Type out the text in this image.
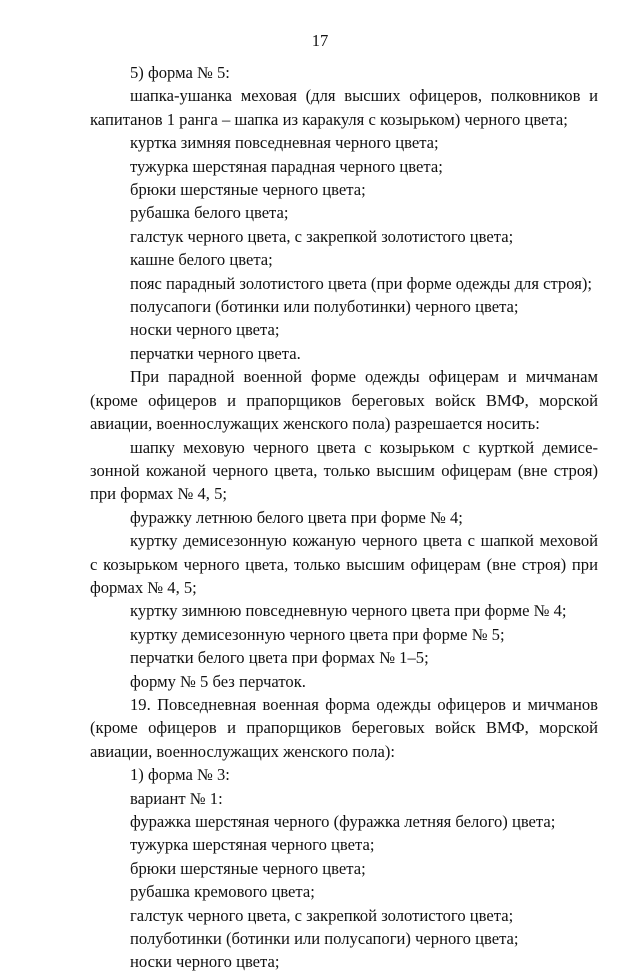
17

5) форма № 5:

шапка-ушанка меховая (для высших офицеров, полковников и

капитанов 1 ранга – шапка из каракуля с козырьком) черного цвета;

куртка зимняя повседневная черного цвета;

тужурка шерстяная парадная черного цвета;

брюки шерстяные черного цвета;

рубашка белого цвета;

галстук черного цвета, с закрепкой золотистого цвета;

кашне белого цвета;

пояс парадный золотистого цвета (при форме одежды для строя);

полусапоги (ботинки или полуботинки) черного цвета;

носки черного цвета;

перчатки черного цвета.

При парадной военной форме одежды офицерам и мичманам

(кроме офицеров и прапорщиков береговых войск ВМФ, морской

авиации, военнослужащих женского пола) разрешается носить:

шапку меховую черного цвета с козырьком с курткой демисе-

зонной кожаной черного цвета, только высшим офицерам (вне строя)

при формах № 4, 5;

фуражку летнюю белого цвета при форме № 4;

куртку демисезонную кожаную черного цвета с шапкой меховой

с козырьком черного цвета, только высшим офицерам (вне строя) при

формах № 4, 5;

куртку зимнюю повседневную черного цвета при форме № 4;

куртку демисезонную черного цвета при форме № 5;

перчатки белого цвета при формах № 1–5;

форму № 5 без перчаток.

19. Повседневная военная форма одежды офицеров и мичманов

(кроме офицеров и прапорщиков береговых войск ВМФ, морской

авиации, военнослужащих женского пола):

1) форма № 3:

вариант № 1:

фуражка шерстяная черного (фуражка летняя белого) цвета;

тужурка шерстяная черного цвета;

брюки шерстяные черного цвета;

рубашка кремового цвета;

галстук черного цвета, с закрепкой золотистого цвета;

полуботинки (ботинки или полусапоги) черного цвета;

носки черного цвета;
